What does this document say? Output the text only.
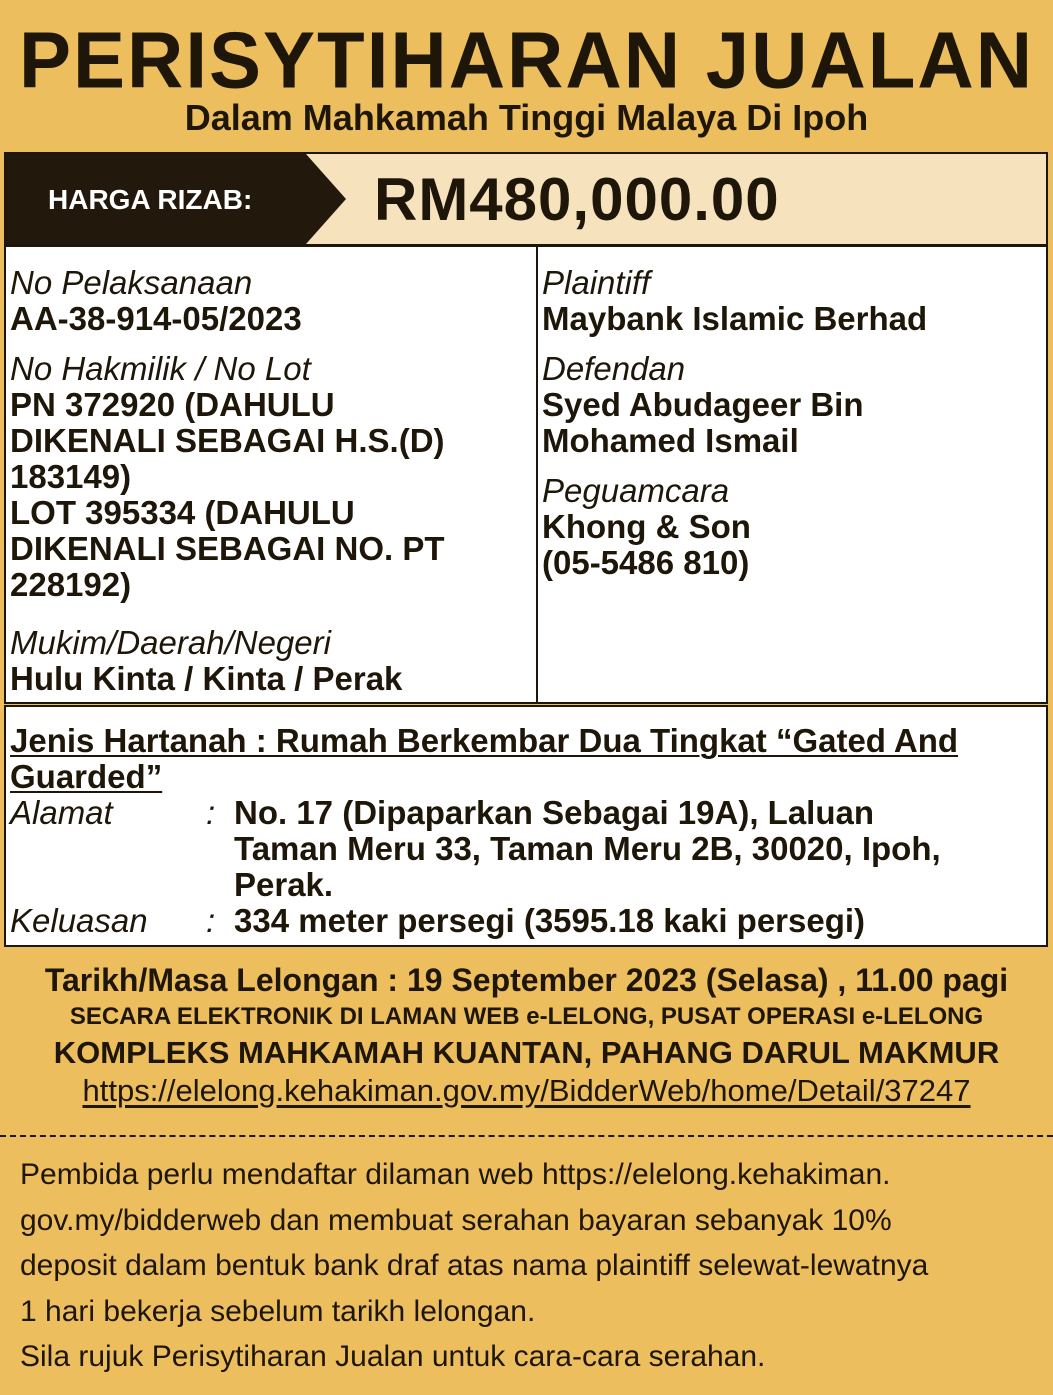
PERISYTIHARAN JUALAN
Dalam Mahkamah Tinggi Malaya Di Ipoh
HARGA RIZAB: RM480,000.00
No Pelaksanaan
AA-38-914-05/2023
No Hakmilik / No Lot
PN 372920 (DAHULU
DIKENALI SEBAGAI H.S.(D)
183149)
LOT 395334 (DAHULU
DIKENALI SEBAGAI NO. PT
228192)
Mukim/Daerah/Negeri
Hulu Kinta / Kinta / Perak
Plaintiff
Maybank Islamic Berhad
Defendan
Syed Abudageer Bin
Mohamed Ismail
Peguamcara
Khong & Son
(05-5486 810)
Jenis Hartanah : Rumah Berkembar Dua Tingkat “Gated And
Guarded”
Alamat	: No. 17 (Dipaparkan Sebagai 19A), Laluan
Taman Meru 33, Taman Meru 2B, 30020, Ipoh,
Perak.
Keluasan	: 334 meter persegi (3595.18 kaki persegi)
Tarikh/Masa Lelongan : 19 September 2023 (Selasa) , 11.00 pagi
SECARA ELEKTRONIK DI LAMAN WEB e-LELONG, PUSAT OPERASI e-LELONG
KOMPLEKS MAHKAMAH KUANTAN, PAHANG DARUL MAKMUR
https://elelong.kehakiman.gov.my/BidderWeb/home/Detail/37247
Pembida perlu mendaftar dilaman web https://elelong.kehakiman.
gov.my/bidderweb dan membuat serahan bayaran sebanyak 10%
deposit dalam bentuk bank draf atas nama plaintiff selewat-lewatnya
1 hari bekerja sebelum tarikh lelongan.
Sila rujuk Perisytiharan Jualan untuk cara-cara serahan.
